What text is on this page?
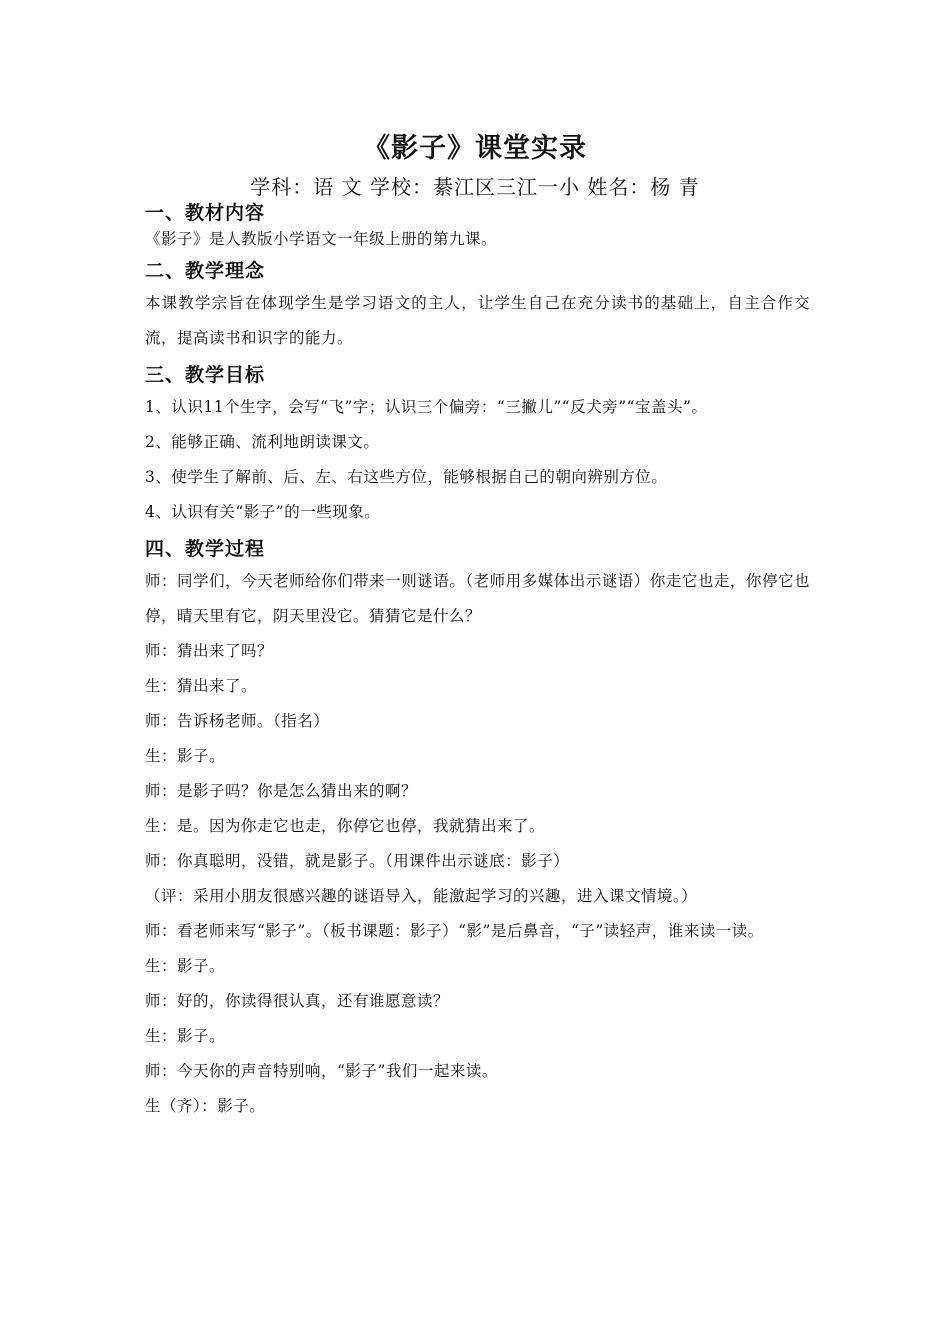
《影子》课堂实录
学科：语 文 学校：綦江区三江一小 姓名：杨 青
一、教材内容

《影子》是人教版小学语文一年级上册的第九课。

二、教学理念

本课教学宗旨在体现学生是学习语文的主人，让学生自己在充分读书的基础上，自主合作交流，提高读书和识字的能力。

三、教学目标

1、认识11个生字，会写“飞”字；认识三个偏旁：“三撇儿”“反犬旁”“宝盖头”。

2、能够正确、流利地朗读课文。

3、使学生了解前、后、左、右这些方位，能够根据自己的朝向辨别方位。

4、认识有关“影子”的一些现象。

四、教学过程

师：同学们，今天老师给你们带来一则谜语。（老师用多媒体出示谜语）你走它也走，你停它也停，晴天里有它，阴天里没它。猜猜它是什么？

师：猜出来了吗？

生：猜出来了。

师：告诉杨老师。（指名）

生：影子。

师：是影子吗？你是怎么猜出来的啊？

生：是。因为你走它也走，你停它也停，我就猜出来了。

师：你真聪明，没错，就是影子。（用课件出示谜底：影子）

（评：采用小朋友很感兴趣的谜语导入，能激起学习的兴趣，进入课文情境。）

师：看老师来写“影子”。（板书课题：影子）“影”是后鼻音，“子”读轻声，谁来读一读。

生：影子。

师：好的，你读得很认真，还有谁愿意读？

生：影子。

师：今天你的声音特别响，“影子”我们一起来读。

生（齐）：影子。
